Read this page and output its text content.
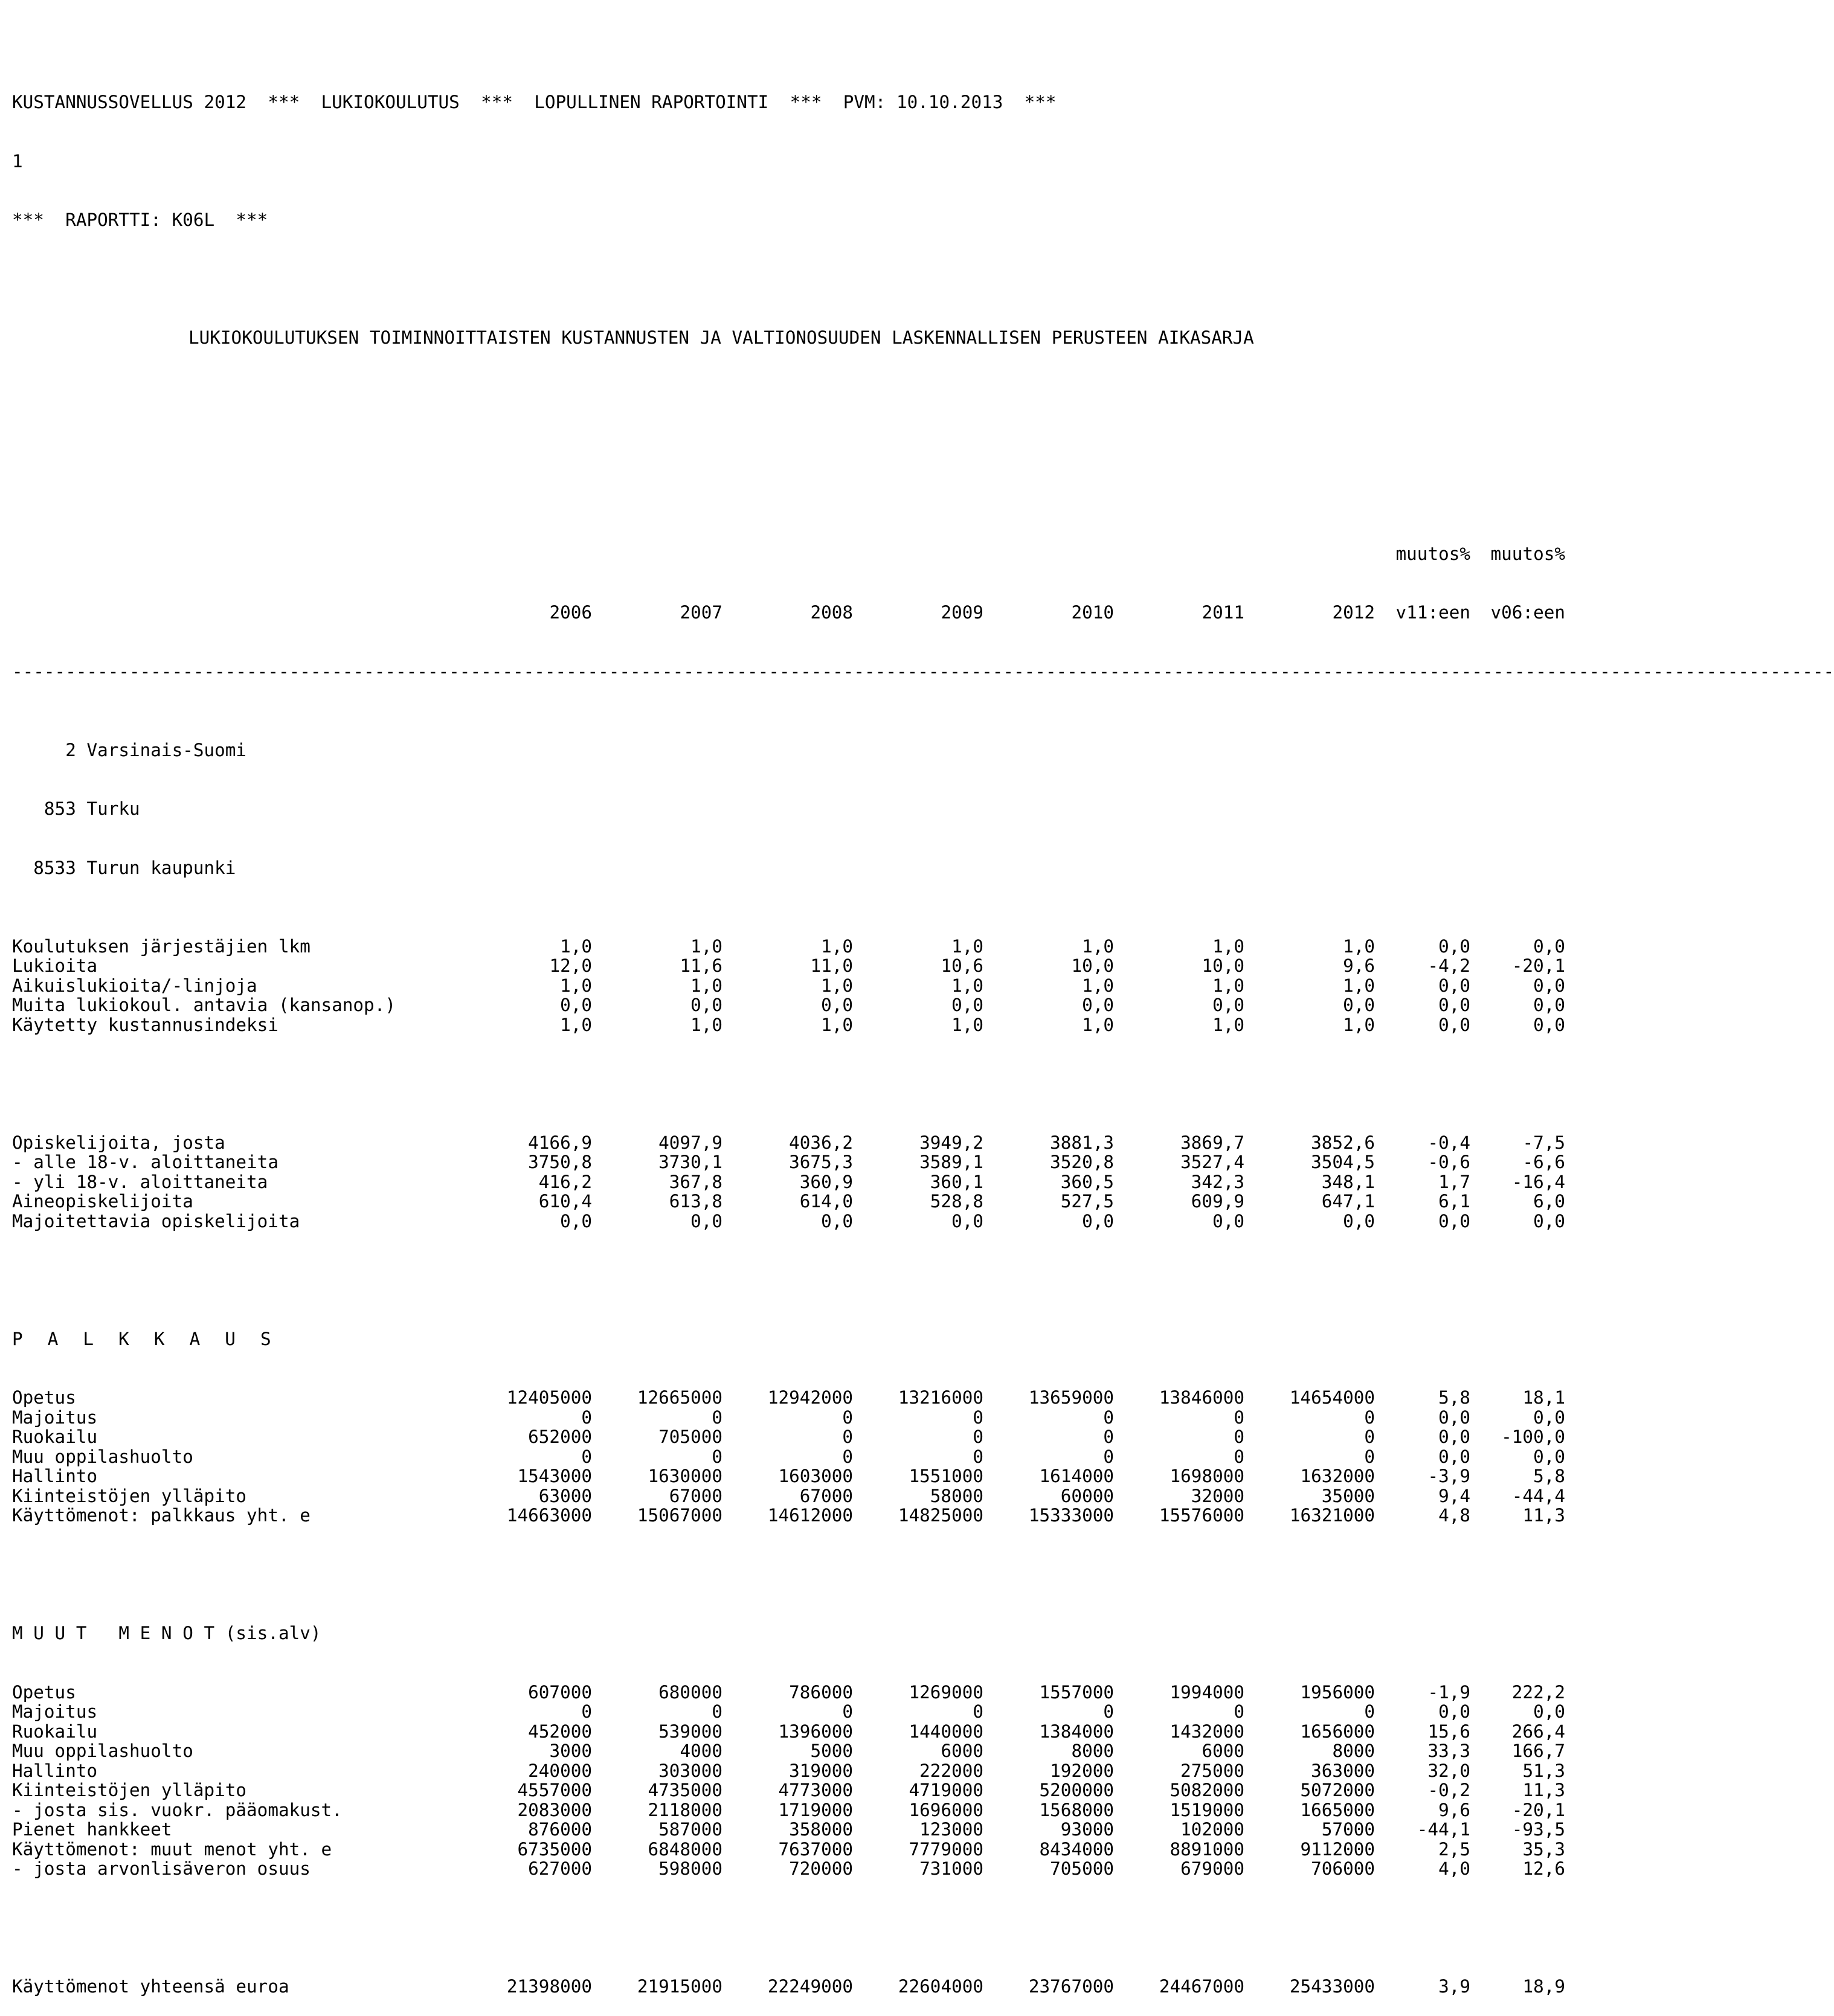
KUSTANNUSSOVELLUS 2012  ***  LUKIOKOULUTUS  ***  LOPULLINEN RAPORTOINTI  ***  PVM: 10.10.2013  ***

1

***  RAPORTTI: K06L  ***

LUKIOKOULUTUKSEN TOIMINNOITTAISTEN KUSTANNUSTEN JA VALTIONOSUUDEN LASKENNALLISEN PERUSTEEN AIKASARJA

muutos%	muutos%

2006	2007	2008	2009	2010	2011	2012	v11:een	v06:een

---------------------------------------------------------------------------------------------------------------------------------------------------------------------------

2 Varsinais-Suomi

853 Turku

8533 Turun kaupunki

Koulutuksen järjestäjien lkm	1,0	1,0	1,0	1,0	1,0	1,0	1,0	0,0	0,0
Lukioita	12,0	11,6	11,0	10,6	10,0	10,0	9,6	-4,2	-20,1
Aikuislukioita/-linjoja	1,0	1,0	1,0	1,0	1,0	1,0	1,0	0,0	0,0
Muita lukiokoul. antavia (kansanop.)	0,0	0,0	0,0	0,0	0,0	0,0	0,0	0,0	0,0
Käytetty kustannusindeksi	1,0	1,0	1,0	1,0	1,0	1,0	1,0	0,0	0,0

Opiskelijoita, josta	4166,9	4097,9	4036,2	3949,2	3881,3	3869,7	3852,6	-0,4	-7,5
- alle 18-v. aloittaneita	3750,8	3730,1	3675,3	3589,1	3520,8	3527,4	3504,5	-0,6	-6,6
- yli 18-v. aloittaneita	416,2	367,8	360,9	360,1	360,5	342,3	348,1	1,7	-16,4
Aineopiskelijoita	610,4	613,8	614,0	528,8	527,5	609,9	647,1	6,1	6,0
Majoitettavia opiskelijoita	0,0	0,0	0,0	0,0	0,0	0,0	0,0	0,0	0,0

P A L K K A U S

Opetus	12405000	12665000	12942000	13216000	13659000	13846000	14654000	5,8	18,1
Majoitus	0	0	0	0	0	0	0	0,0	0,0
Ruokailu	652000	705000	0	0	0	0	0	0,0	-100,0
Muu oppilashuolto	0	0	0	0	0	0	0	0,0	0,0
Hallinto	1543000	1630000	1603000	1551000	1614000	1698000	1632000	-3,9	5,8
Kiinteistöjen ylläpito	63000	67000	67000	58000	60000	32000	35000	9,4	-44,4
Käyttömenot: palkkaus yht. e	14663000	15067000	14612000	14825000	15333000	15576000	16321000	4,8	11,3

M U U T   M E N O T (sis.alv)

Opetus	607000	680000	786000	1269000	1557000	1994000	1956000	-1,9	222,2
Majoitus	0	0	0	0	0	0	0	0,0	0,0
Ruokailu	452000	539000	1396000	1440000	1384000	1432000	1656000	15,6	266,4
Muu oppilashuolto	3000	4000	5000	6000	8000	6000	8000	33,3	166,7
Hallinto	240000	303000	319000	222000	192000	275000	363000	32,0	51,3
Kiinteistöjen ylläpito	4557000	4735000	4773000	4719000	5200000	5082000	5072000	-0,2	11,3
- josta sis. vuokr. pääomakust.	2083000	2118000	1719000	1696000	1568000	1519000	1665000	9,6	-20,1
Pienet hankkeet	876000	587000	358000	123000	93000	102000	57000	-44,1	-93,5
Käyttömenot: muut menot yht. e	6735000	6848000	7637000	7779000	8434000	8891000	9112000	2,5	35,3
- josta arvonlisäveron osuus	627000	598000	720000	731000	705000	679000	706000	4,0	12,6

Käyttömenot yhteensä euroa	21398000	21915000	22249000	22604000	23767000	24467000	25433000	3,9	18,9
